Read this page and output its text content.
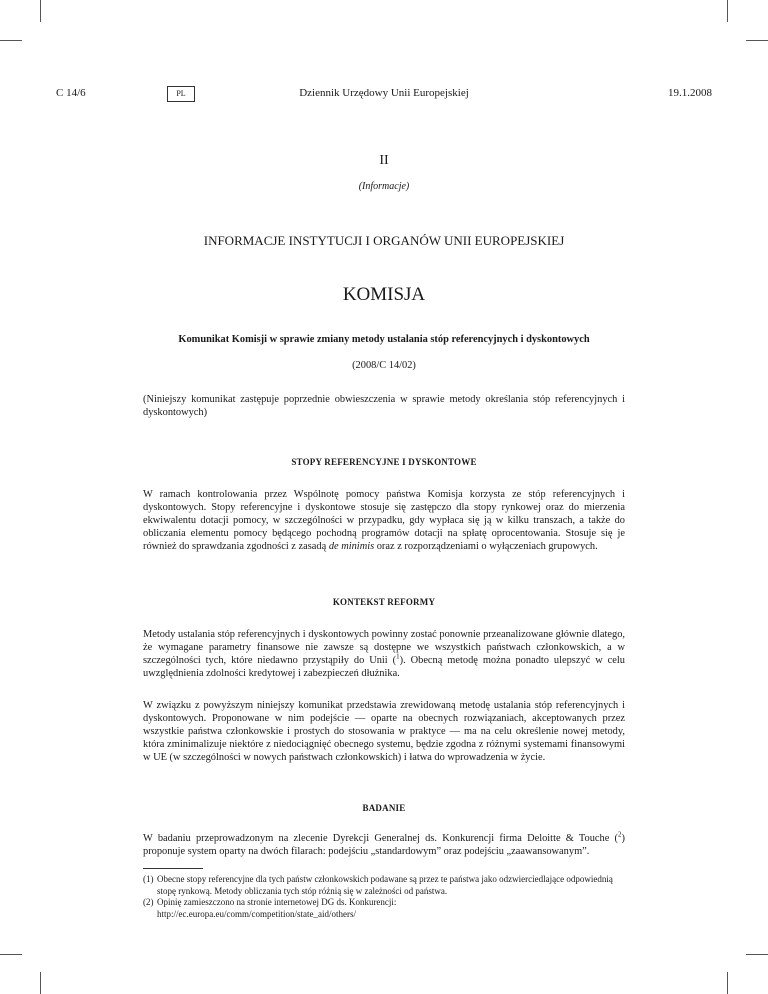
C 14/6	PL	Dziennik Urzędowy Unii Europejskiej	19.1.2008
II
(Informacje)
INFORMACJE INSTYTUCJI I ORGANÓW UNII EUROPEJSKIEJ
KOMISJA
Komunikat Komisji w sprawie zmiany metody ustalania stóp referencyjnych i dyskontowych
(2008/C 14/02)
(Niniejszy komunikat zastępuje poprzednie obwieszczenia w sprawie metody określania stóp referencyjnych i dyskontowych)
STOPY REFERENCYJNE I DYSKONTOWE
W ramach kontrolowania przez Wspólnotę pomocy państwa Komisja korzysta ze stóp referencyjnych i dyskontowych. Stopy referencyjne i dyskontowe stosuje się zastępczo dla stopy rynkowej oraz do mierzenia ekwiwalentu dotacji pomocy, w szczególności w przypadku, gdy wypłaca się ją w kilku transzach, a także do obliczania elementu pomocy będącego pochodną programów dotacji na spłatę oprocentowania. Stosuje się je również do sprawdzania zgodności z zasadą de minimis oraz z rozporządzeniami o wyłączeniach grupowych.
KONTEKST REFORMY
Metody ustalania stóp referencyjnych i dyskontowych powinny zostać ponownie przeanalizowane głównie dlatego, że wymagane parametry finansowe nie zawsze są dostępne we wszystkich państwach członkowskich, a w szczególności tych, które niedawno przystąpiły do Unii ($^1$). Obecną metodę można ponadto ulepszyć w celu uwzględnienia zdolności kredytowej i zabezpieczeń dłużnika.
W związku z powyższym niniejszy komunikat przedstawia zrewidowaną metodę ustalania stóp referencyjnych i dyskontowych. Proponowane w nim podejście — oparte na obecnych rozwiązaniach, akceptowanych przez wszystkie państwa członkowskie i prostych do stosowania w praktyce — ma na celu określenie nowej metody, która zminimalizuje niektóre z niedociągnięć obecnego systemu, będzie zgodna z różnymi systemami finansowymi w UE (w szczególności w nowych państwach członkowskich) i łatwa do wprowadzenia w życie.
BADANIE
W badaniu przeprowadzonym na zlecenie Dyrekcji Generalnej ds. Konkurencji firma Deloitte & Touche ($^2$) proponuje system oparty na dwóch filarach: podejściu „standardowym” oraz podejściu „zaawansowanym”.
(1) Obecne stopy referencyjne dla tych państw członkowskich podawane są przez te państwa jako odzwierciedlające odpowiednią stopę rynkową. Metody obliczania tych stóp różnią się w zależności od państwa.
(2) Opinię zamieszczono na stronie internetowej DG ds. Konkurencji:
http://ec.europa.eu/comm/competition/state_aid/others/
